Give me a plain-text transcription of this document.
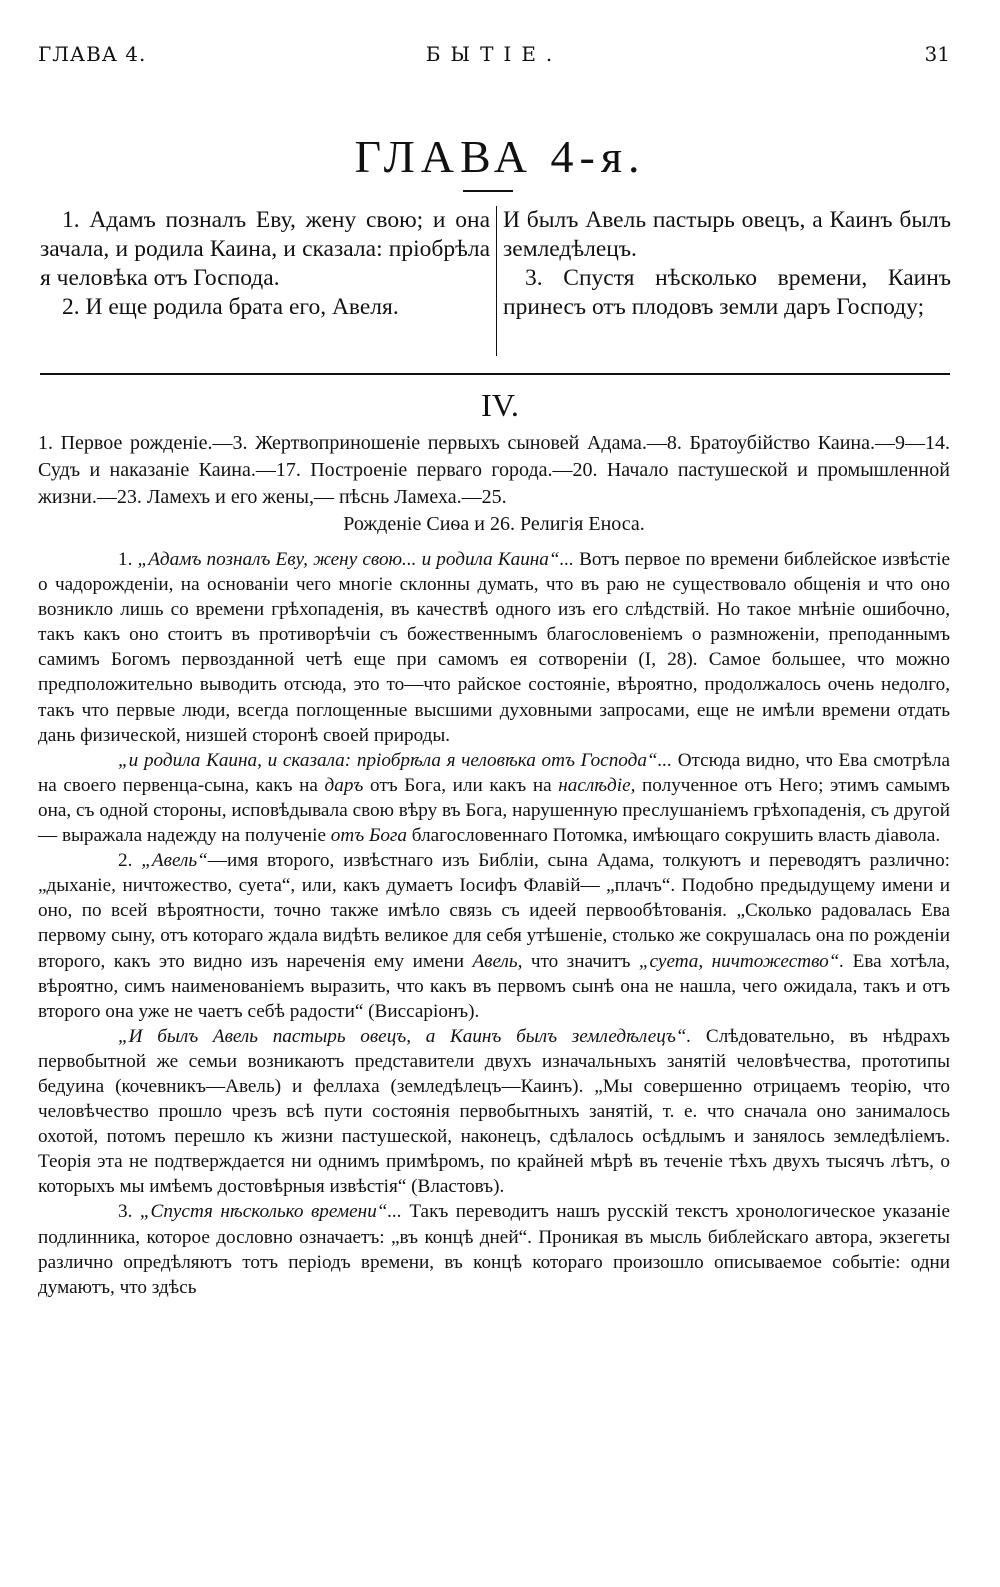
ГЛАВА 4.	БЫТІЕ.	31
ГЛАВА 4-я.
1. Адамъ позналъ Еву, жену свою; и она зачала, и родила Каина, и сказала: пріобрѣла я человѣка отъ Господа.
2. И еще родила брата его, Авеля.
И былъ Авель пастырь овецъ, а Каинъ былъ земледѣлецъ.
3. Спустя нѣсколько времени, Каинъ принесъ отъ плодовъ земли даръ Господу;
IV.
1. Первое рожденіе.—3. Жертвоприношеніе первыхъ сыновей Адама.—8. Братоубійство Каина.—9—14. Судъ и наказаніе Каина.—17. Построеніе перваго города.—20. Начало пастушеской и промышленной жизни.—23. Ламехъ и его жены,— пѣснь Ламеха.—25.
Рожденіе Сиѳа и 26. Религія Еноса.

1. „Адамъ позналъ Еву, жену свою... и родила Каина“... Вотъ первое по времени библейское извѣстіе о чадорожденіи, на основаніи чего многіе склонны думать, что въ раю не существовало общенія и что оно возникло лишь со времени грѣхопаденія, въ качествѣ одного изъ его слѣдствій. Но такое мнѣніе ошибочно, такъ какъ оно стоитъ въ противорѣчіи съ божественнымъ благословеніемъ о размноженіи, преподаннымъ самимъ Богомъ первозданной четѣ еще при самомъ ея сотвореніи (І, 28). Самое большее, что можно предположительно выводить отсюда, это то—что райское состояніе, вѣроятно, продолжалось очень недолго, такъ что первые люди, всегда поглощенные высшими духовными запросами, еще не имѣли времени отдать дань физической, низшей сторонѣ своей природы.

„и родила Каина, и сказала: пріобрѣла я человѣка отъ Господа“... Отсюда видно, что Ева смотрѣла на своего первенца-сына, какъ на даръ отъ Бога, или какъ на наслѣдіе, полученное отъ Него; этимъ самымъ она, съ одной стороны, исповѣдывала свою вѣру въ Бога, нарушенную преслушаніемъ грѣхопаденія, съ другой — выражала надежду на полученіе отъ Бога благословеннаго Потомка, имѣющаго сокрушить власть діавола.

2. „Авель“—имя второго, извѣстнаго изъ Библіи, сына Адама, толкуютъ и переводятъ различно: „дыханіе, ничтожество, суета“, или, какъ думаетъ Іосифъ Флавій— „плачъ“. Подобно предыдущему имени и оно, по всей вѣроятности, точно также имѣло связь съ идеей первообѣтованія. „Сколько радовалась Ева первому сыну, отъ котораго ждала видѣть великое для себя утѣшеніе, столько же сокрушалась она по рожденіи второго, какъ это видно изъ нареченія ему имени Авель, что значитъ „суета, ничтожество“. Ева хотѣла, вѣроятно, симъ наименованіемъ выразить, что какъ въ первомъ сынѣ она не нашла, чего ожидала, такъ и отъ второго она уже не чаетъ себѣ радости“ (Виссаріонъ).

„И былъ Авель пастырь овецъ, а Каинъ былъ земледѣлецъ“. Слѣдовательно, въ нѣдрахъ первобытной же семьи возникаютъ представители двухъ изначальныхъ занятій человѣчества, прототипы бедуина (кочевникъ—Авель) и феллаха (земледѣлецъ—Каинъ). „Мы совершенно отрицаемъ теорію, что человѣчество прошло чрезъ всѣ пути состоянія первобытныхъ занятій, т. е. что сначала оно занималось охотой, потомъ перешло къ жизни пастушеской, наконецъ, сдѣлалось осѣдлымъ и занялось земледѣліемъ. Теорія эта не подтверждается ни однимъ примѣромъ, по крайней мѣрѣ въ теченіе тѣхъ двухъ тысячъ лѣтъ, о которыхъ мы имѣемъ достовѣрныя извѣстія“ (Властовъ).

3. „Спустя нѣсколько времени“... Такъ переводитъ нашъ русскій текстъ хронологическое указаніе подлинника, которое дословно означаетъ: „въ концѣ дней“. Проникая въ мысль библейскаго автора, экзегеты различно опредѣляютъ тотъ періодъ времени, въ концѣ котораго произошло описываемое событіе: одни думаютъ, что здѣсь
